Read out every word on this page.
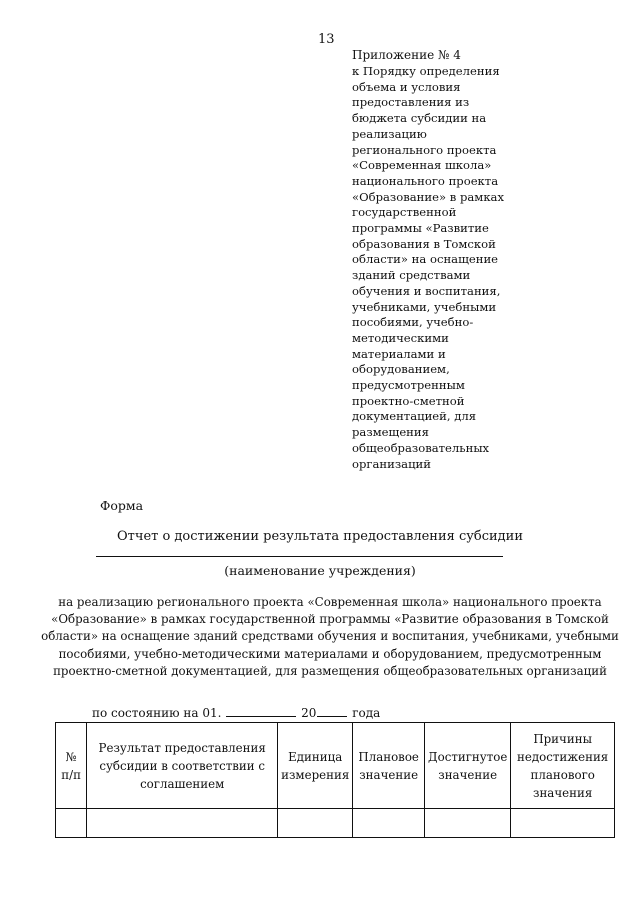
13
Приложение № 4
к Порядку определения
объема и условия
предоставления из
бюджета субсидии на
реализацию
регионального проекта
«Современная школа»
национального проекта
«Образование» в рамках
государственной
программы «Развитие
образования в Томской
области» на оснащение
зданий средствами
обучения и воспитания,
учебниками, учебными
пособиями, учебно-
методическими
материалами и
оборудованием,
предусмотренным
проектно-сметной
документацией, для
размещения
общеобразовательных
организаций
Форма
Отчет о достижении результата предоставления субсидии
(наименование учреждения)
на реализацию регионального проекта «Современная школа» национального проекта
«Образование» в рамках государственной программы «Развитие образования в Томской
области» на оснащение зданий средствами обучения и воспитания, учебниками, учебными
пособиями, учебно-методическими материалами и оборудованием, предусмотренным
проектно-сметной документацией, для размещения общеобразовательных организаций
по состоянию на 01.	20	года
№ п/п	Результат предоставления субсидии в соответствии с соглашением	Единица измерения	Плановое значение	Достигнутое значение	Причины недостижения планового значения
